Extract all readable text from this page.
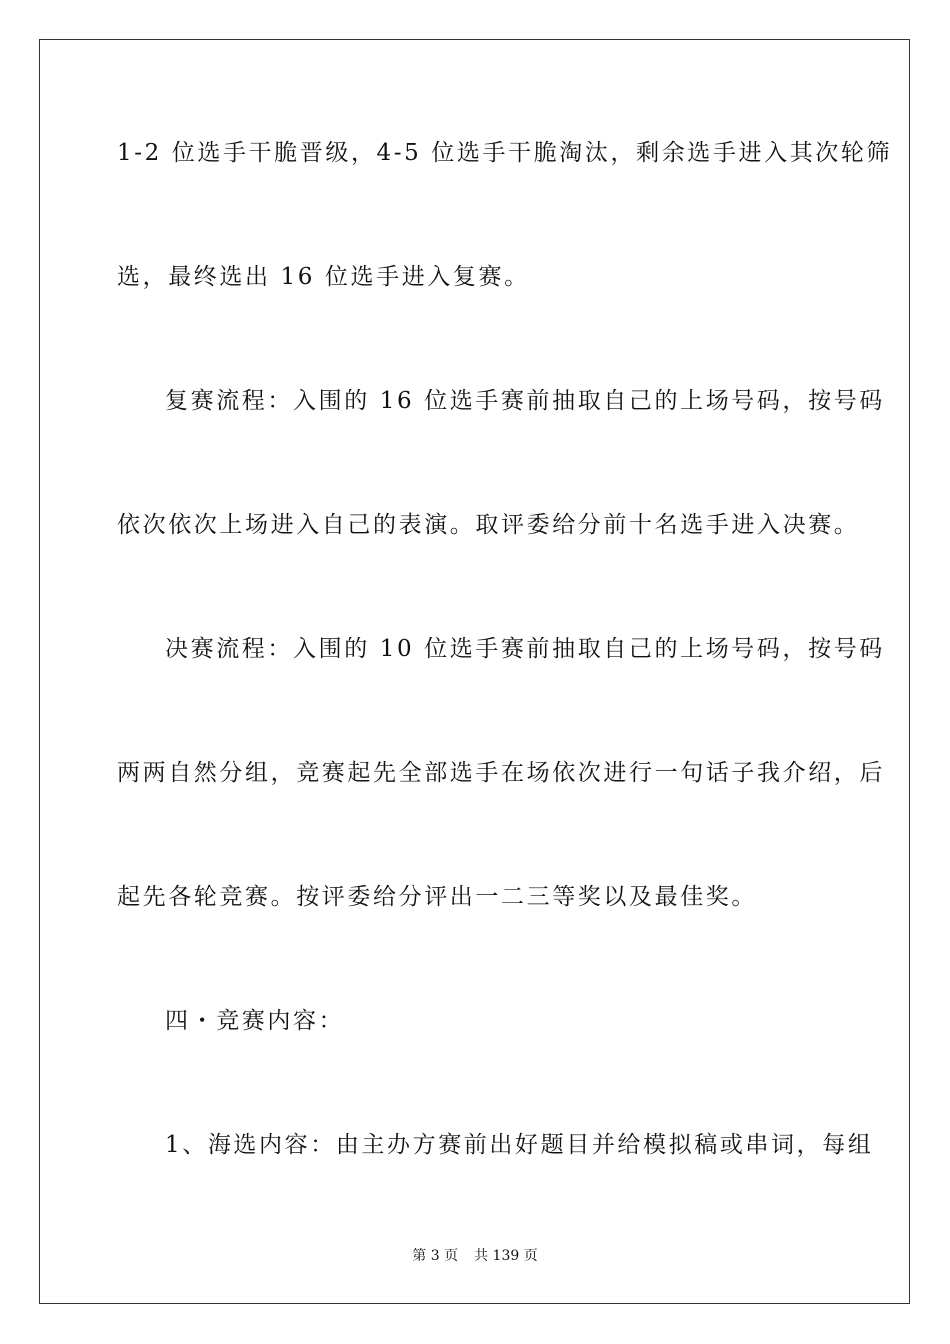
1-2 位选手干脆晋级，4-5 位选手干脆淘汰，剩余选手进入其次轮筛
选，最终选出 16 位选手进入复赛。
复赛流程：入围的 16 位选手赛前抽取自己的上场号码，按号码
依次依次上场进入自己的表演。取评委给分前十名选手进入决赛。
决赛流程：入围的 10 位选手赛前抽取自己的上场号码，按号码
两两自然分组，竞赛起先全部选手在场依次进行一句话子我介绍，后
起先各轮竞赛。按评委给分评出一二三等奖以及最佳奖。
四・竞赛内容：
1、海选内容：由主办方赛前出好题目并给模拟稿或串词，每组
第 3 页 共 139 页
